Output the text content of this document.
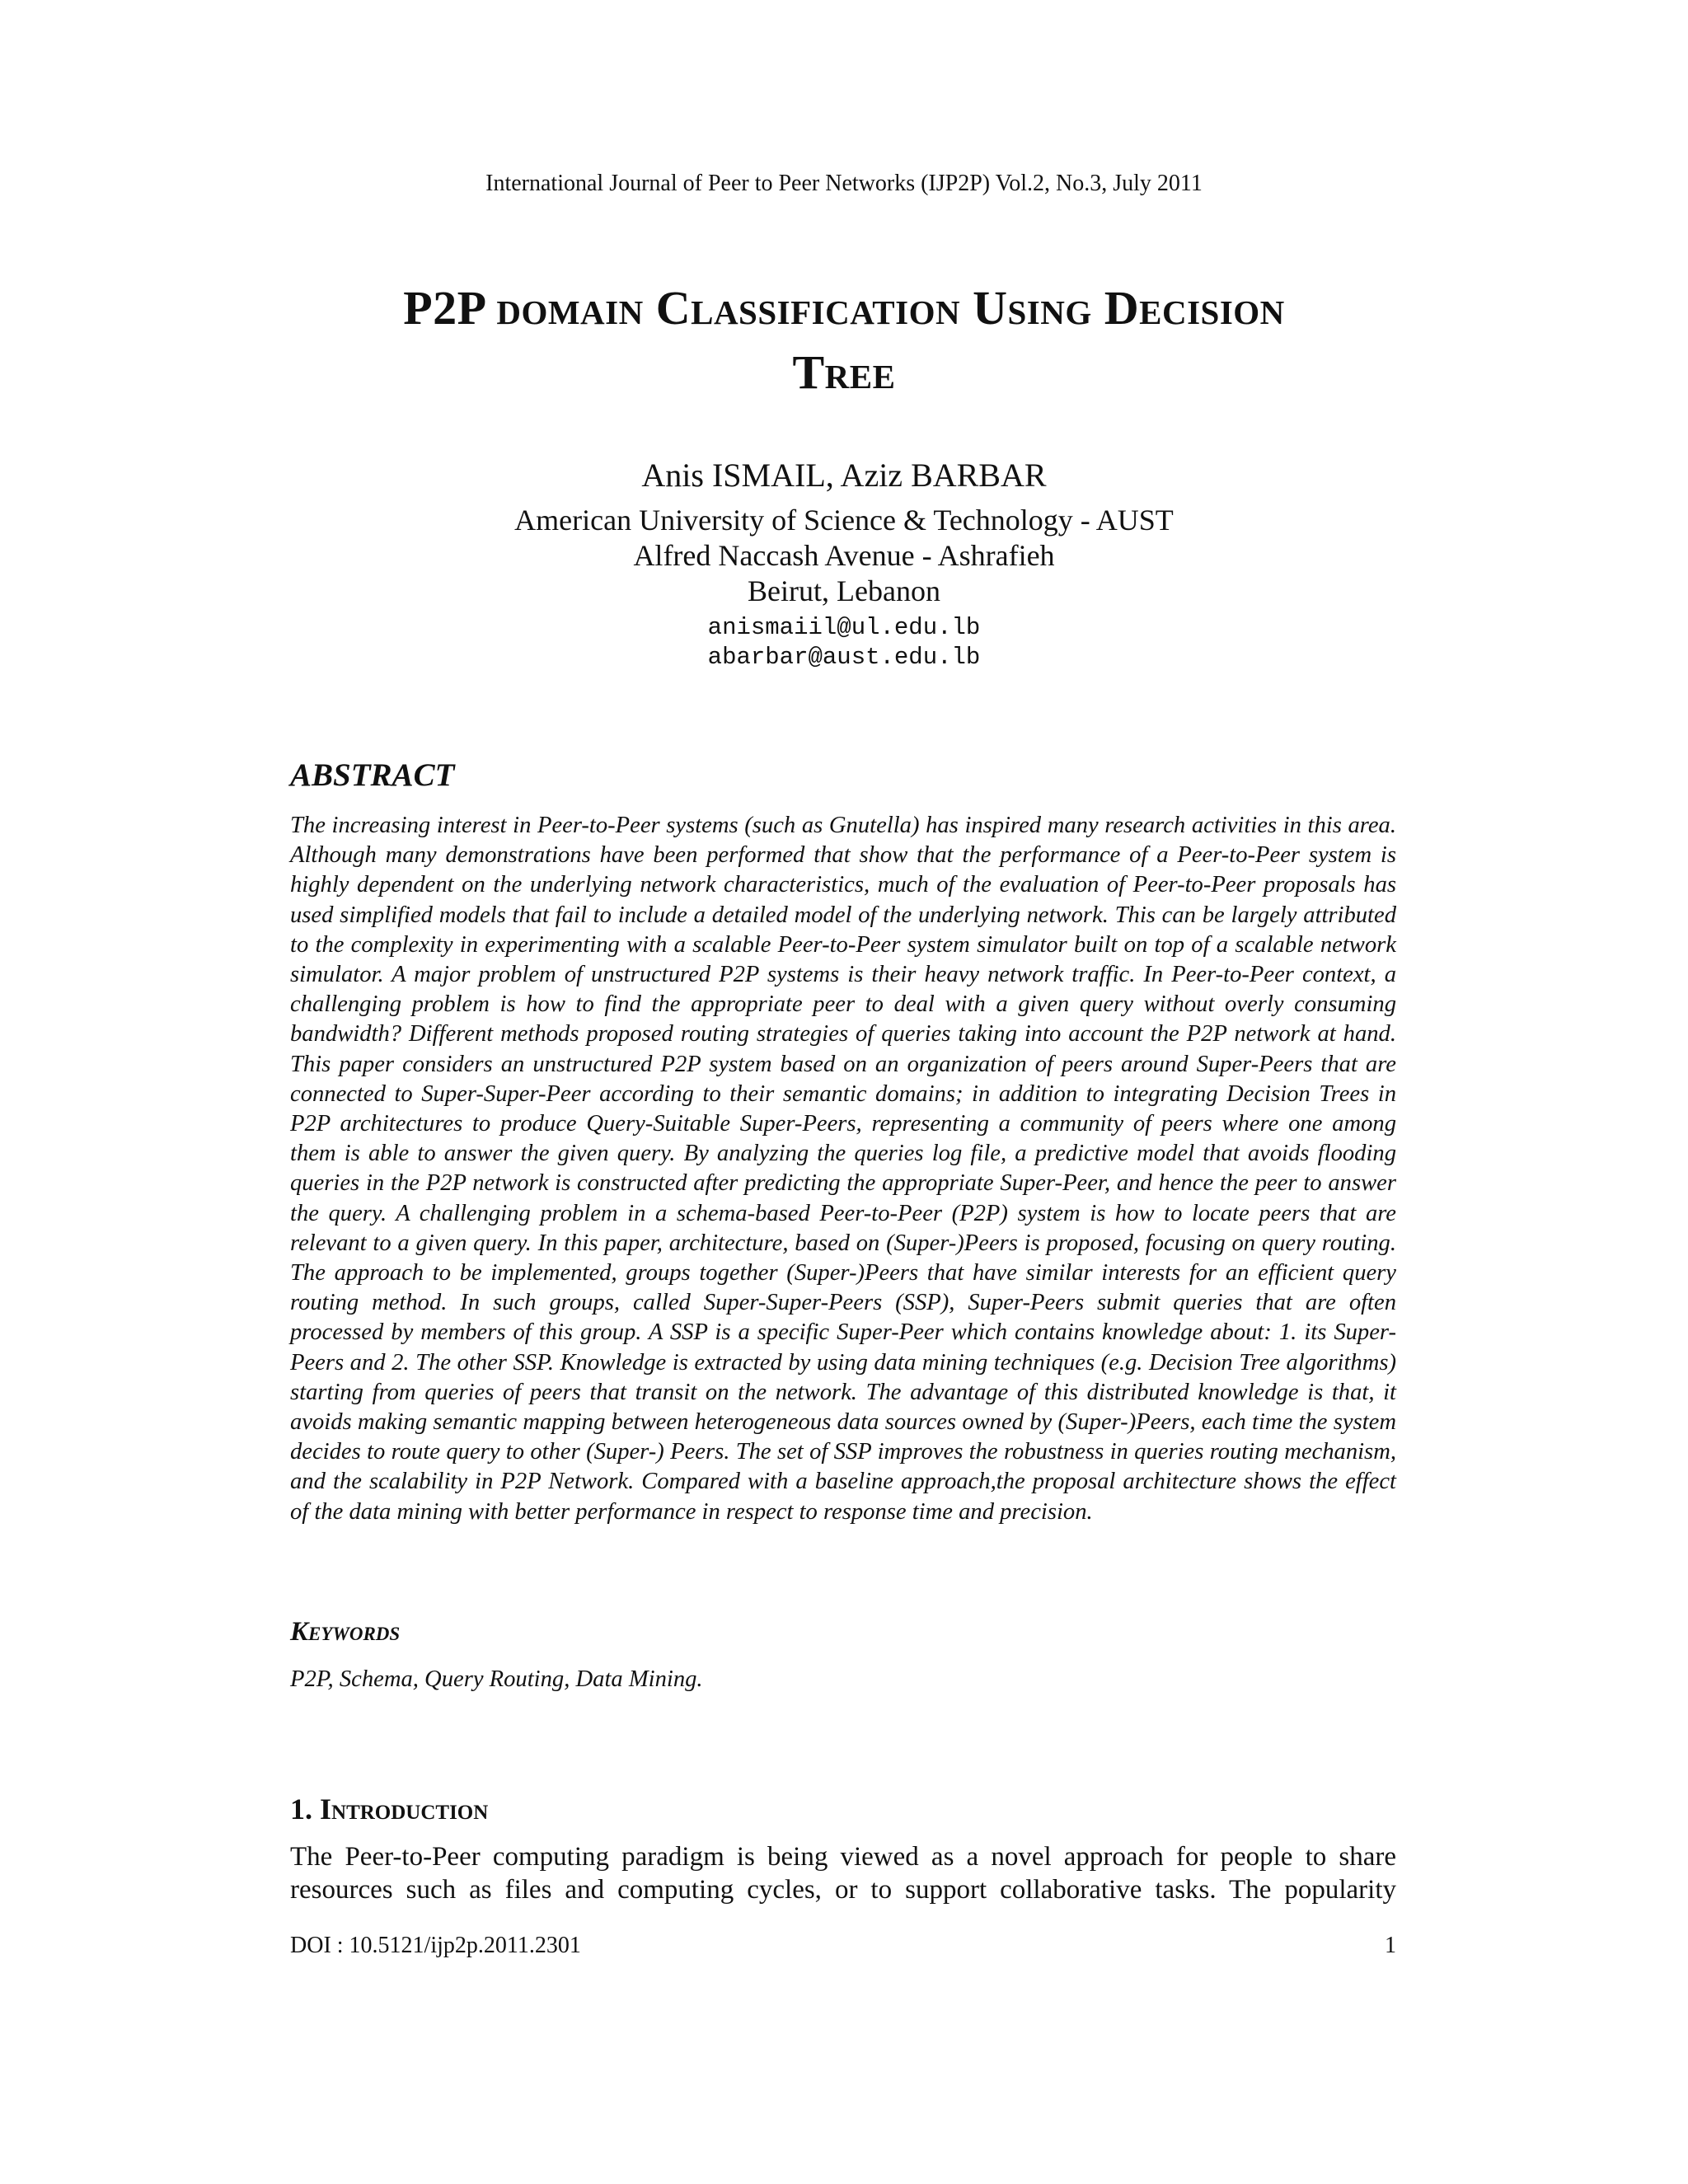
International Journal of Peer to Peer Networks (IJP2P) Vol.2, No.3, July 2011
P2P domain Classification Using Decision
Tree
Anis ISMAIL, Aziz BARBAR
American University of Science & Technology - AUST
Alfred Naccash Avenue - Ashrafieh
Beirut, Lebanon
anismaiil@ul.edu.lb
abarbar@aust.edu.lb
ABSTRACT
The increasing interest in Peer-to-Peer systems (such as Gnutella) has inspired many research activities in this area. Although many demonstrations have been performed that show that the performance of a Peer-to-Peer system is highly dependent on the underlying network characteristics, much of the evaluation of Peer-to-Peer proposals has used simplified models that fail to include a detailed model of the underlying network. This can be largely attributed to the complexity in experimenting with a scalable Peer-to-Peer system simulator built on top of a scalable network simulator. A major problem of unstructured P2P systems is their heavy network traffic. In Peer-to-Peer context, a challenging problem is how to find the appropriate peer to deal with a given query without overly consuming bandwidth? Different methods proposed routing strategies of queries taking into account the P2P network at hand. This paper considers an unstructured P2P system based on an organization of peers around Super-Peers that are connected to Super-Super-Peer according to their semantic domains; in addition to integrating Decision Trees in P2P architectures to produce Query-Suitable Super-Peers, representing a community of peers where one among them is able to answer the given query. By analyzing the queries log file, a predictive model that avoids flooding queries in the P2P network is constructed after predicting the appropriate Super-Peer, and hence the peer to answer the query. A challenging problem in a schema-based Peer-to-Peer (P2P) system is how to locate peers that are relevant to a given query. In this paper, architecture, based on (Super-)Peers is proposed, focusing on query routing. The approach to be implemented, groups together (Super-)Peers that have similar interests for an efficient query routing method. In such groups, called Super-Super-Peers (SSP), Super-Peers submit queries that are often processed by members of this group. A SSP is a specific Super-Peer which contains knowledge about: 1. its Super-Peers and 2. The other SSP. Knowledge is extracted by using data mining techniques (e.g. Decision Tree algorithms) starting from queries of peers that transit on the network. The advantage of this distributed knowledge is that, it avoids making semantic mapping between heterogeneous data sources owned by (Super-)Peers, each time the system decides to route query to other (Super-) Peers. The set of SSP improves the robustness in queries routing mechanism, and the scalability in P2P Network. Compared with a baseline approach,the proposal architecture shows the effect of the data mining with better performance in respect to response time and precision.
Keywords
P2P, Schema, Query Routing, Data Mining.
1. Introduction
The Peer-to-Peer computing paradigm is being viewed as a novel approach for people to share resources such as files and computing cycles, or to support collaborative tasks. The popularity
DOI : 10.5121/ijp2p.2011.2301	1
